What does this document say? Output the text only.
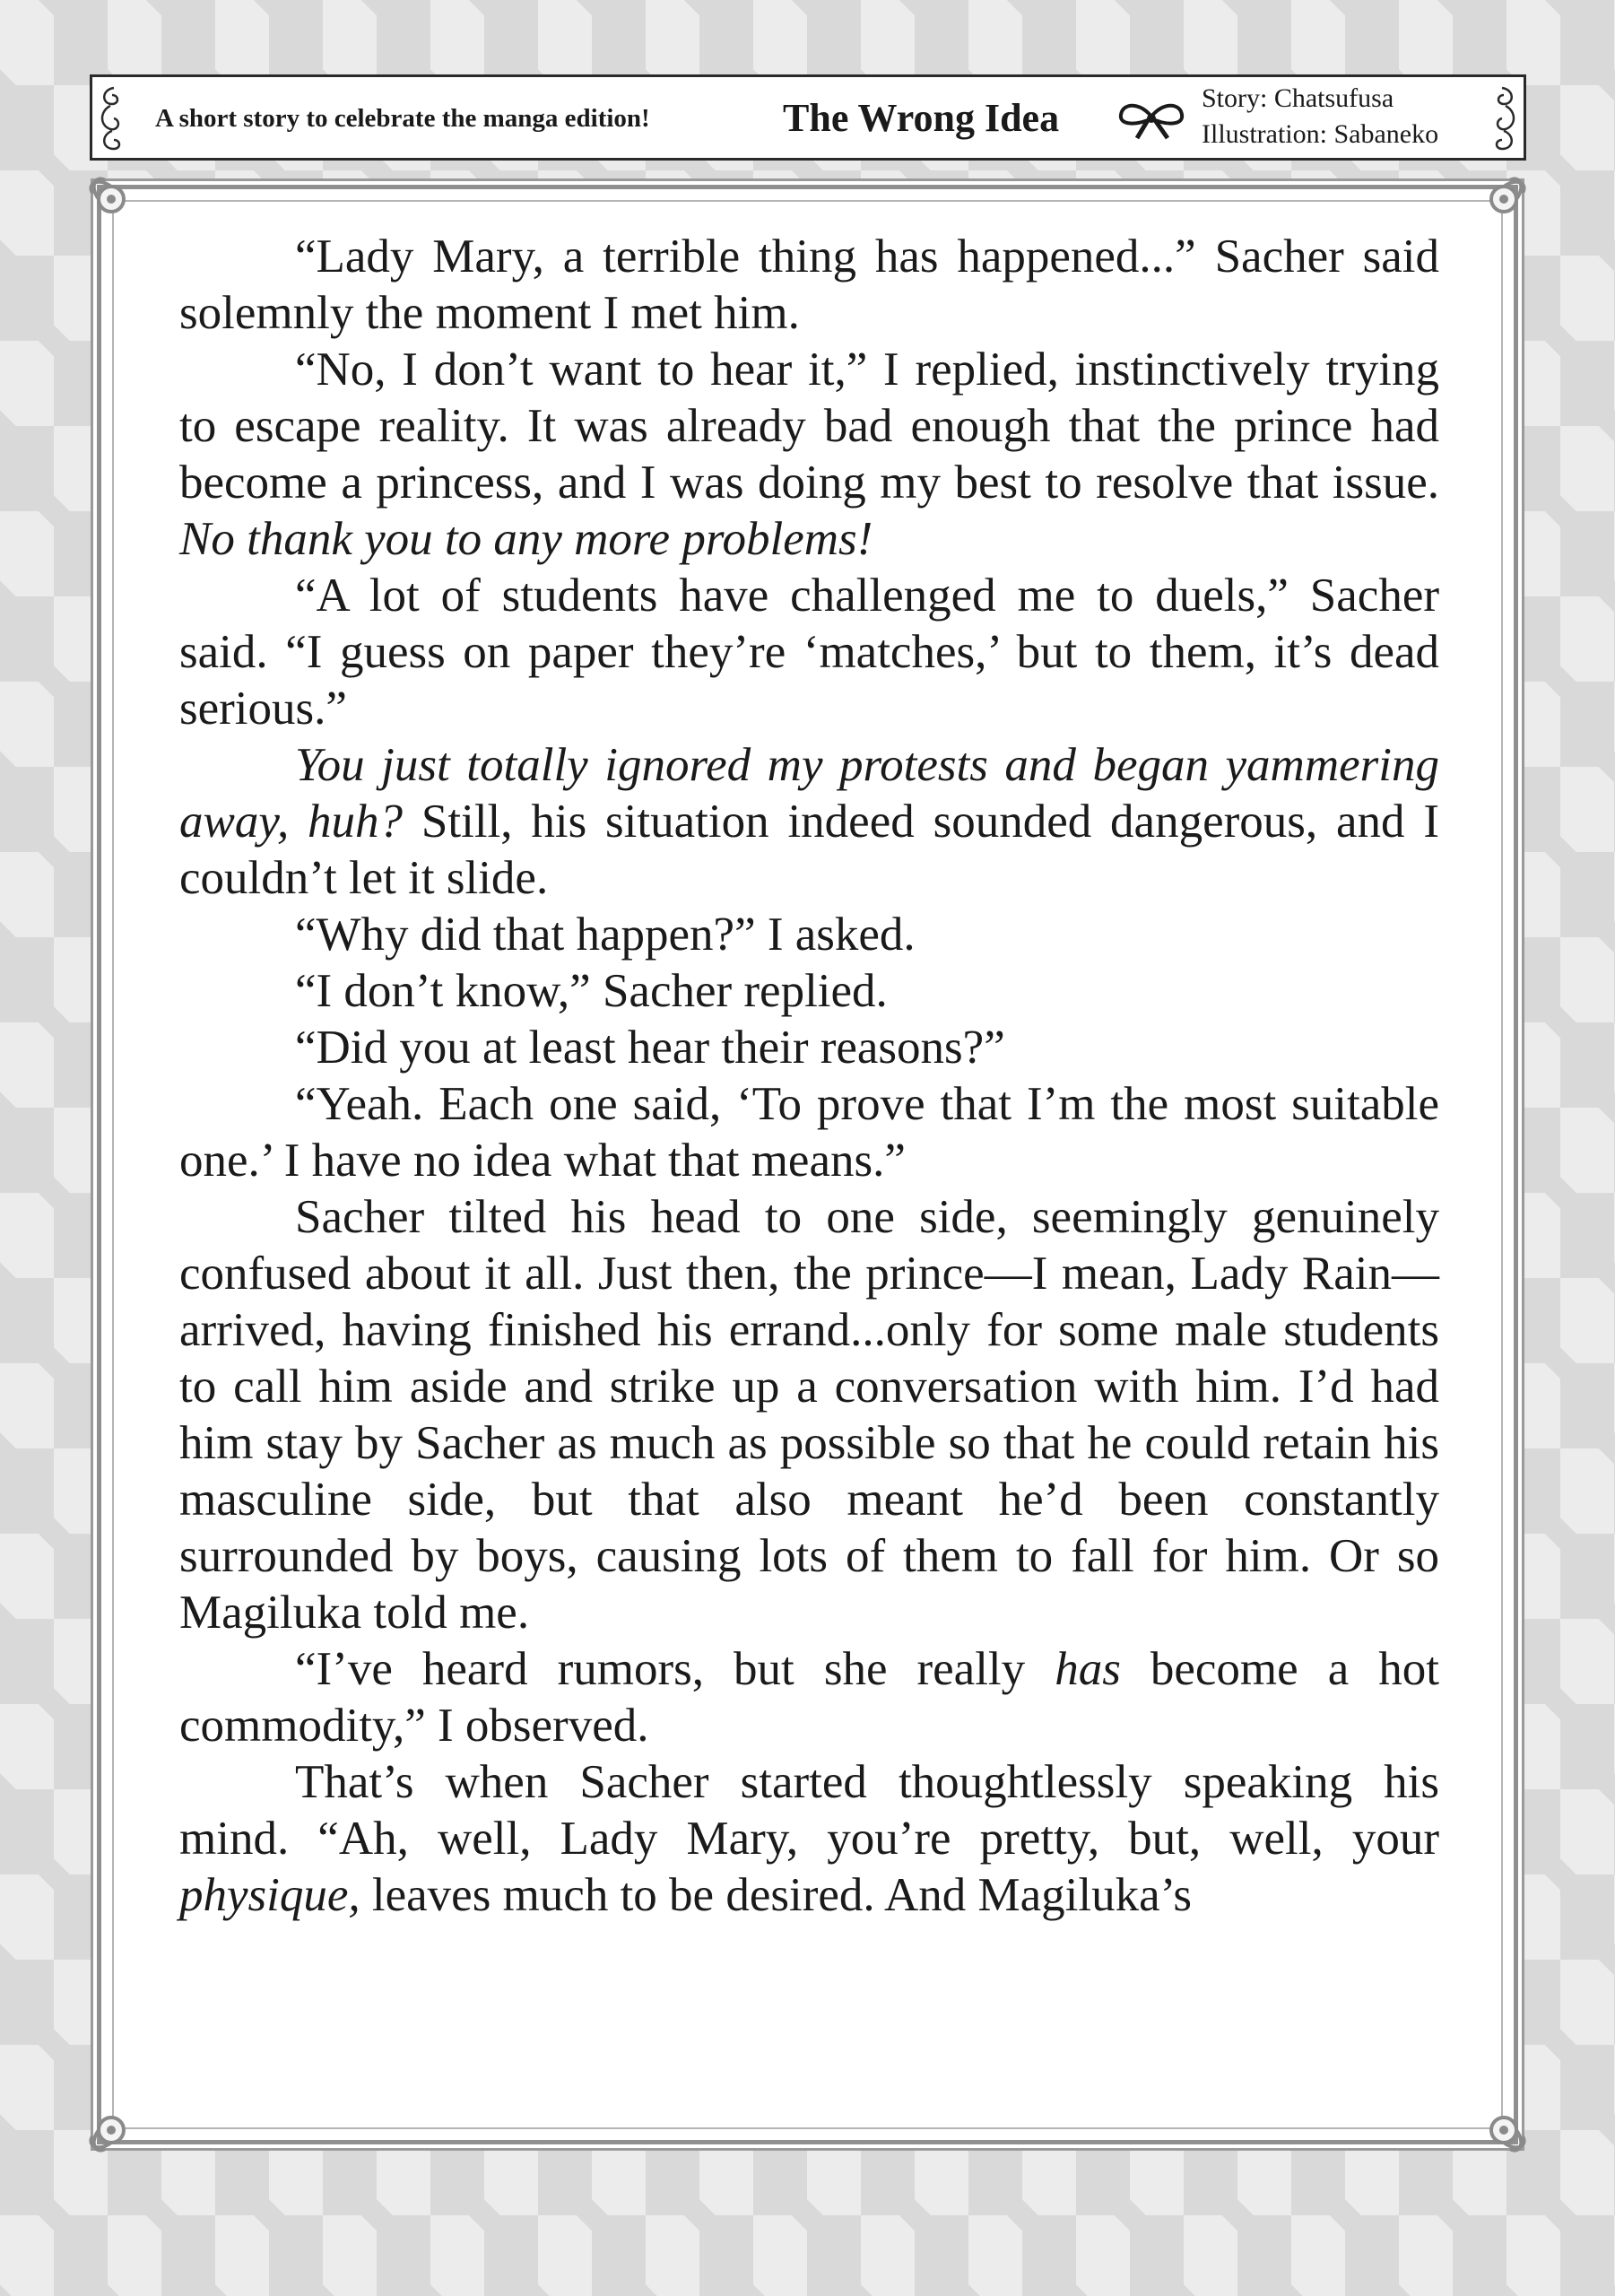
A short story to celebrate the manga edition!	The Wrong Idea	Story: Chatsufusa
Illustration: Sabaneko

“Lady Mary, a terrible thing has happened...” Sacher said solemnly the moment I met him.

“No, I don’t want to hear it,” I replied, instinctively trying to escape reality. It was already bad enough that the prince had become a princess, and I was doing my best to resolve that issue. No thank you to any more problems!

“A lot of students have challenged me to duels,” Sacher said. “I guess on paper they’re ‘matches,’ but to them, it’s dead serious.”

You just totally ignored my protests and began yammering away, huh? Still, his situation indeed sounded dangerous, and I couldn’t let it slide.

“Why did that happen?” I asked.

“I don’t know,” Sacher replied.

“Did you at least hear their reasons?”

“Yeah. Each one said, ‘To prove that I’m the most suitable one.’ I have no idea what that means.”

Sacher tilted his head to one side, seemingly genuinely confused about it all. Just then, the prince—I mean, Lady Rain—arrived, having finished his errand...only for some male students to call him aside and strike up a conversation with him. I’d had him stay by Sacher as much as possible so that he could retain his masculine side, but that also meant he’d been constantly surrounded by boys, causing lots of them to fall for him. Or so Magiluka told me.

“I’ve heard rumors, but she really has become a hot commodity,” I observed.

That’s when Sacher started thoughtlessly speaking his mind. “Ah, well, Lady Mary, you’re pretty, but, well, your physique, leaves much to be desired. And Magiluka’s
